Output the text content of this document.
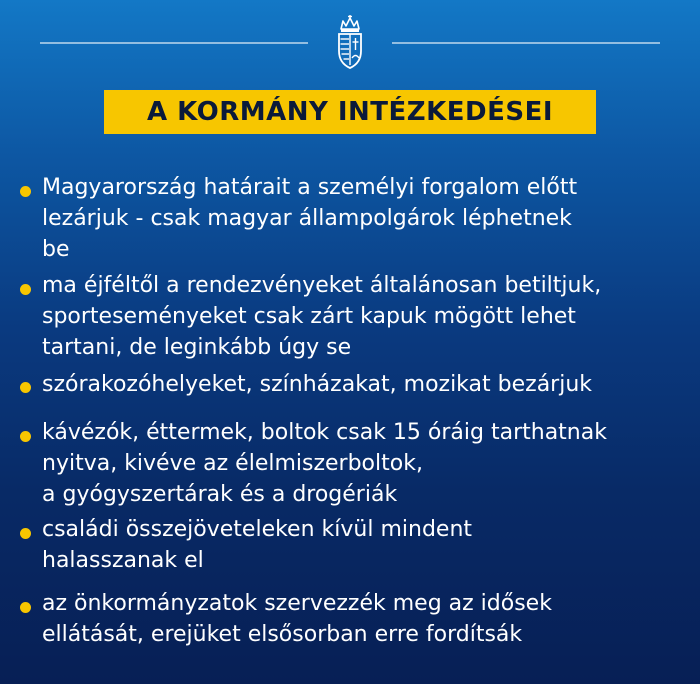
A KORMÁNY INTÉZKEDÉSEI
Magyarország határait a személyi forgalom előtt
lezárjuk - csak magyar állampolgárok léphetnek
be
ma éjféltől a rendezvényeket általánosan betiltjuk,
sporteseményeket csak zárt kapuk mögött lehet
tartani, de leginkább úgy se
szórakozóhelyeket, színházakat, mozikat bezárjuk
kávézók, éttermek, boltok csak 15 óráig tarthatnak
nyitva, kivéve az élelmiszerboltok,
a gyógyszertárak és a drogériák
családi összejöveteleken kívül mindent
halasszanak el
az önkormányzatok szervezzék meg az idősek
ellátását, erejüket elsősorban erre fordítsák
